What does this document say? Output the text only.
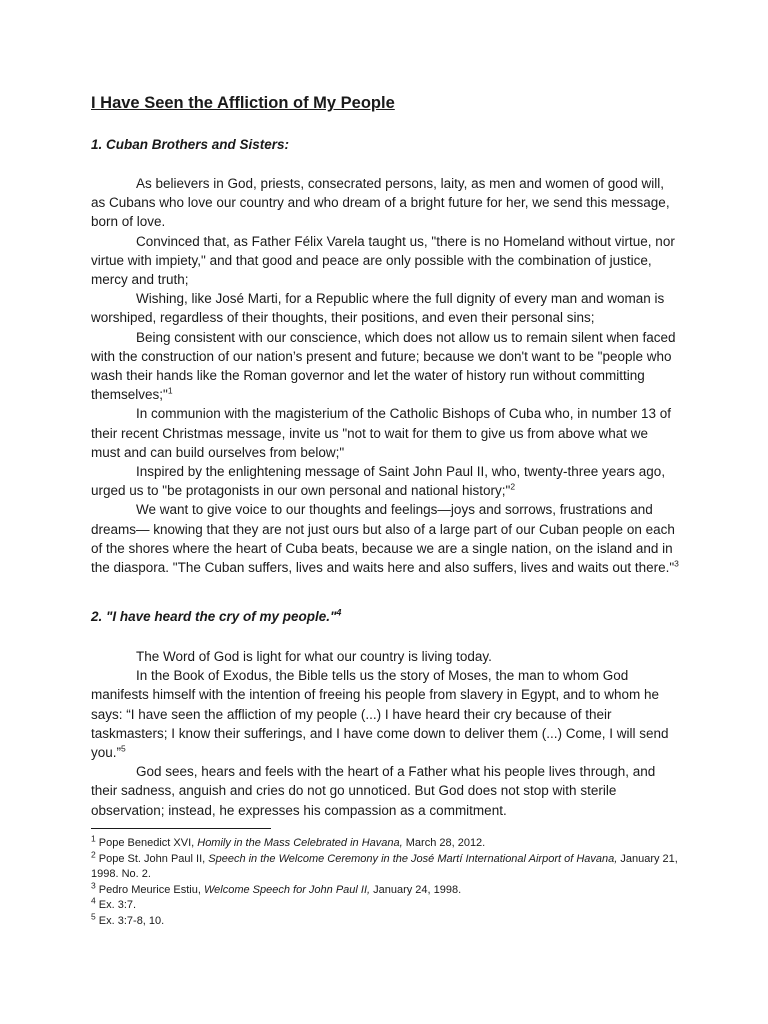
I Have Seen the Affliction of My People
1. Cuban Brothers and Sisters:

As believers in God, priests, consecrated persons, laity, as men and women of good will, as Cubans who love our country and who dream of a bright future for her, we send this message, born of love.

Convinced that, as Father Félix Varela taught us, "there is no Homeland without virtue, nor virtue with impiety," and that good and peace are only possible with the combination of justice, mercy and truth;

Wishing, like José Marti, for a Republic where the full dignity of every man and woman is worshiped, regardless of their thoughts, their positions, and even their personal sins;

Being consistent with our conscience, which does not allow us to remain silent when faced with the construction of our nation’s present and future; because we don't want to be "people who wash their hands like the Roman governor and let the water of history run without committing themselves;"$^1$

In communion with the magisterium of the Catholic Bishops of Cuba who, in number 13 of their recent Christmas message, invite us "not to wait for them to give us from above what we must and can build ourselves from below;"

Inspired by the enlightening message of Saint John Paul II, who, twenty-three years ago, urged us to "be protagonists in our own personal and national history;"$^2$

We want to give voice to our thoughts and feelings—joys and sorrows, frustrations and dreams— knowing that they are not just ours but also of a large part of our Cuban people on each of the shores where the heart of Cuba beats, because we are a single nation, on the island and in the diaspora. "The Cuban suffers, lives and waits here and also suffers, lives and waits out there."$^3$

2. "I have heard the cry of my people."$^4$

The Word of God is light for what our country is living today.

In the Book of Exodus, the Bible tells us the story of Moses, the man to whom God manifests himself with the intention of freeing his people from slavery in Egypt, and to whom he says: “I have seen the affliction of my people (...) I have heard their cry because of their taskmasters; I know their sufferings, and I have come down to deliver them (...) Come, I will send you.”$^5$

God sees, hears and feels with the heart of a Father what his people lives through, and their sadness, anguish and cries do not go unnoticed. But God does not stop with sterile observation; instead, he expresses his compassion as a commitment.

$^1$ Pope Benedict XVI, Homily in the Mass Celebrated in Havana, March 28, 2012.

$^2$ Pope St. John Paul II, Speech in the Welcome Ceremony in the José Martí International Airport of Havana, January 21, 1998. No. 2.

$^3$ Pedro Meurice Estiu, Welcome Speech for John Paul II, January 24, 1998.

$^4$ Ex. 3:7.

$^5$ Ex. 3:7-8, 10.
